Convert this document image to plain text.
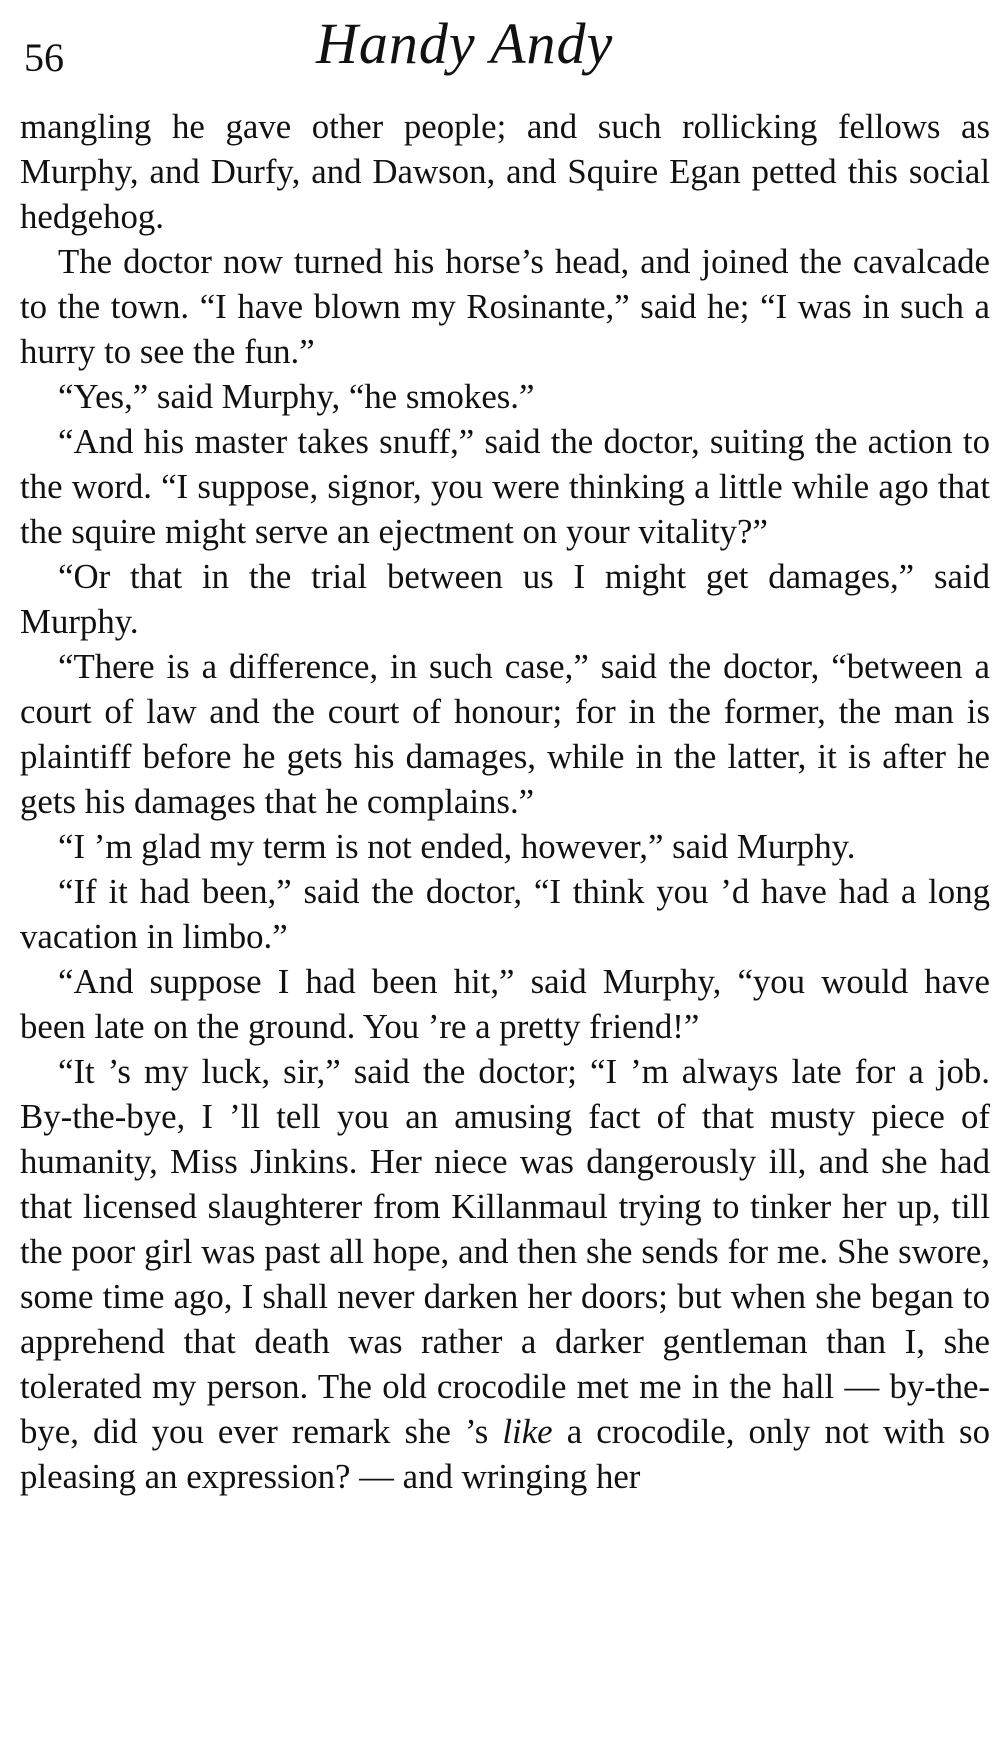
56	Handy Andy

mangling he gave other people; and such rollicking fellows as Murphy, and Durfy, and Dawson, and Squire Egan petted this social hedgehog.

The doctor now turned his horse’s head, and joined the cavalcade to the town. “I have blown my Rosinante,” said he; “I was in such a hurry to see the fun.”

“Yes,” said Murphy, “he smokes.”

“And his master takes snuff,” said the doctor, suiting the action to the word. “I suppose, signor, you were thinking a little while ago that the squire might serve an ejectment on your vitality?”

“Or that in the trial between us I might get damages,” said Murphy.

“There is a difference, in such case,” said the doctor, “between a court of law and the court of honour; for in the former, the man is plaintiff before he gets his damages, while in the latter, it is after he gets his damages that he complains.”

“I ’m glad my term is not ended, however,” said Murphy.

“If it had been,” said the doctor, “I think you ’d have had a long vacation in limbo.”

“And suppose I had been hit,” said Murphy, “you would have been late on the ground. You ’re a pretty friend!”

“It ’s my luck, sir,” said the doctor; “I ’m always late for a job. By-the-bye, I ’ll tell you an amusing fact of that musty piece of humanity, Miss Jinkins. Her niece was dangerously ill, and she had that licensed slaughterer from Killanmaul trying to tinker her up, till the poor girl was past all hope, and then she sends for me. She swore, some time ago, I shall never darken her doors; but when she began to apprehend that death was rather a darker gentleman than I, she tolerated my person. The old crocodile met me in the hall — by-the-bye, did you ever remark she ’s like a crocodile, only not with so pleasing an expression? — and wringing her
